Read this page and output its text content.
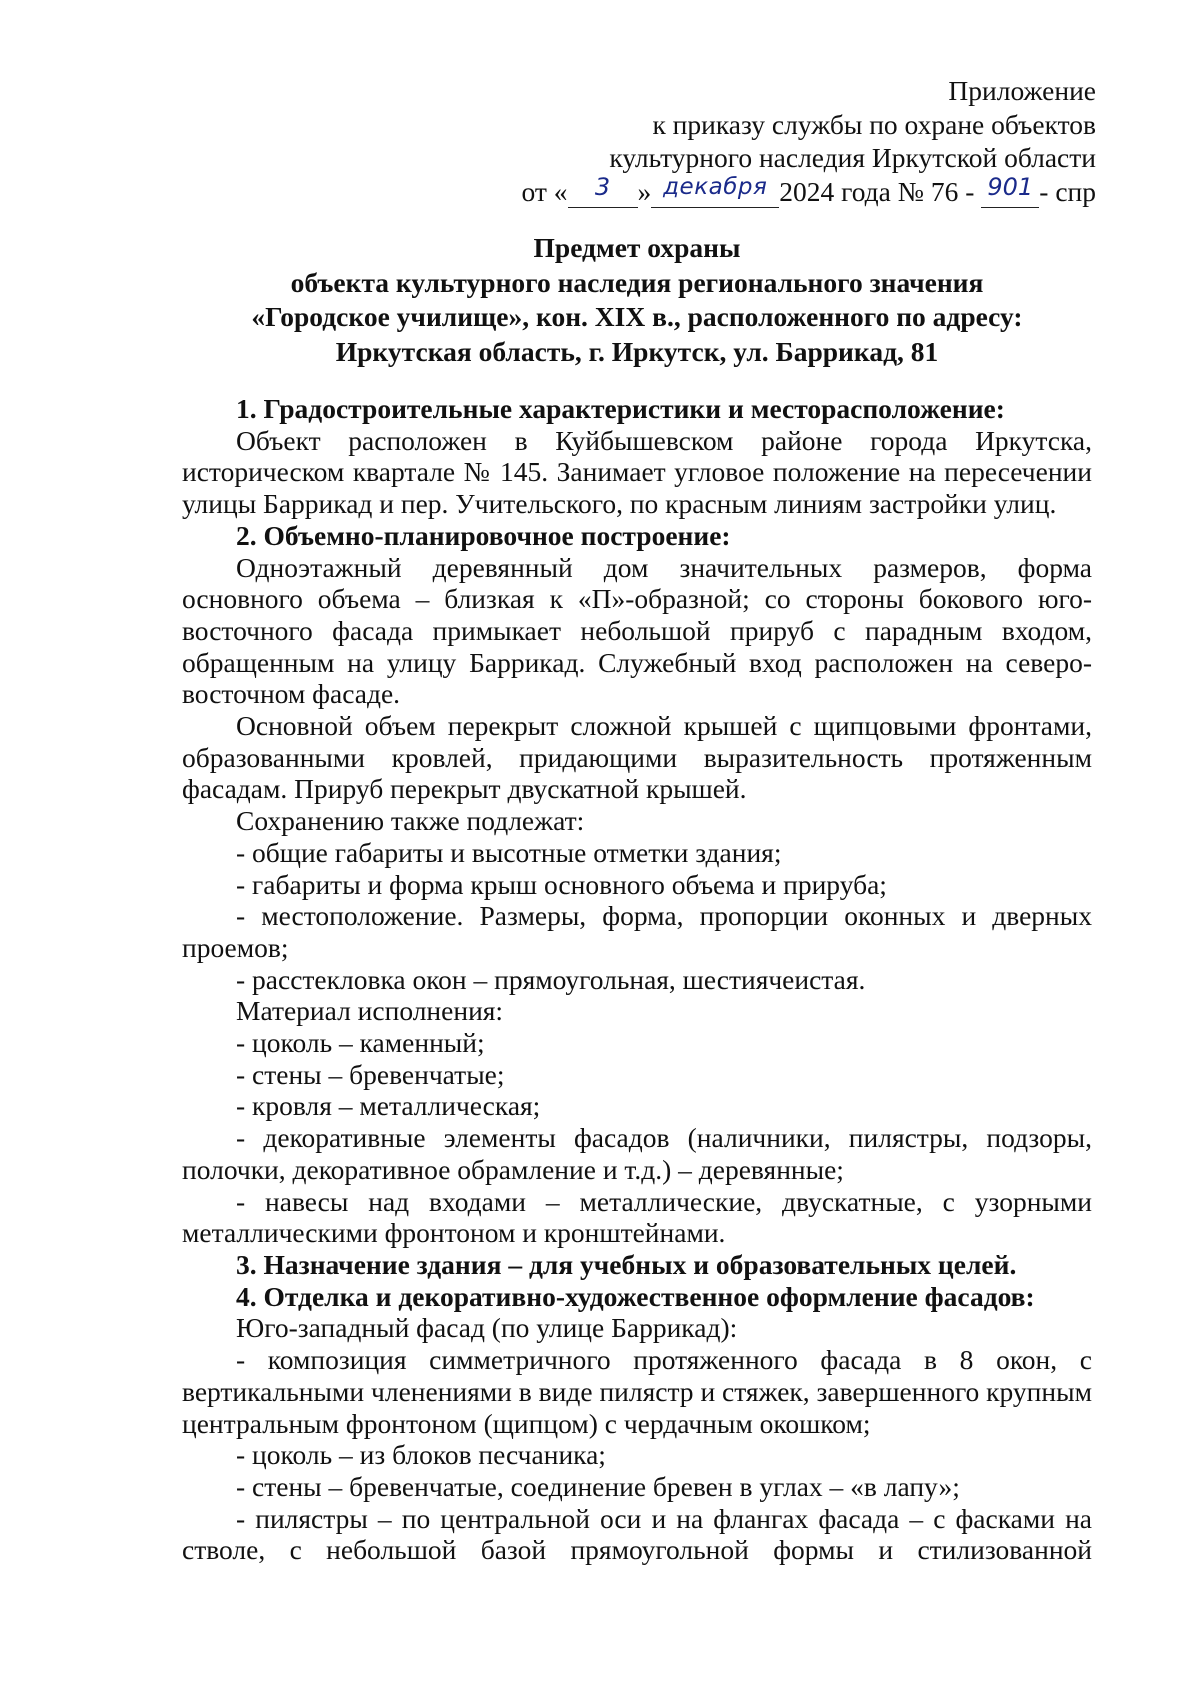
Приложение
к приказу службы по охране объектов
культурного наследия Иркутской области
от « 3 » декабря 2024 года № 76 - 901 - спр
Предмет охраны
объекта культурного наследия регионального значения
«Городское училище», кон. XIX в., расположенного по адресу:
Иркутская область, г. Иркутск, ул. Баррикад, 81

1. Градостроительные характеристики и месторасположение:

Объект расположен в Куйбышевском районе города Иркутска, историческом квартале № 145. Занимает угловое положение на пересечении улицы Баррикад и пер. Учительского, по красным линиям застройки улиц.

2. Объемно-планировочное построение:

Одноэтажный деревянный дом значительных размеров, форма основного объема – близкая к «П»-образной; со стороны бокового юго-восточного фасада примыкает небольшой прируб с парадным входом, обращенным на улицу Баррикад. Служебный вход расположен на северо-восточном фасаде.

Основной объем перекрыт сложной крышей с щипцовыми фронтами, образованными кровлей, придающими выразительность протяженным фасадам. Прируб перекрыт двускатной крышей.

Сохранению также подлежат:

- общие габариты и высотные отметки здания;

- габариты и форма крыш основного объема и прируба;

- местоположение. Размеры, форма, пропорции оконных и дверных проемов;

- расстекловка окон – прямоугольная, шестиячеистая.

Материал исполнения:

- цоколь – каменный;

- стены – бревенчатые;

- кровля – металлическая;

- декоративные элементы фасадов (наличники, пилястры, подзоры, полочки, декоративное обрамление и т.д.) – деревянные;

- навесы над входами – металлические, двускатные, с узорными металлическими фронтоном и кронштейнами.

3. Назначение здания – для учебных и образовательных целей.

4. Отделка и декоративно-художественное оформление фасадов:

Юго-западный фасад (по улице Баррикад):

- композиция симметричного протяженного фасада в 8 окон, с вертикальными членениями в виде пилястр и стяжек, завершенного крупным центральным фронтоном (щипцом) с чердачным окошком;

- цоколь – из блоков песчаника;

- стены – бревенчатые, соединение бревен в углах – «в лапу»;

- пилястры – по центральной оси и на флангах фасада – с фасками на стволе, с небольшой базой прямоугольной формы и стилизованной
